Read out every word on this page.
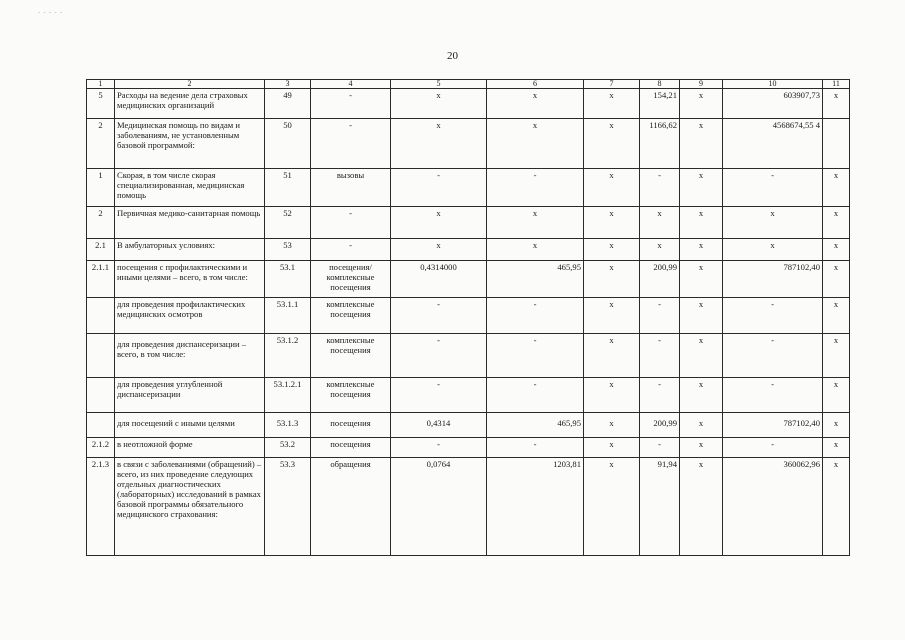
- - - - -
20
1	2	3	4	5	6	7	8	9	10	11
5	Расходы на ведение дела страховых медицинских организаций	49	-	x	x	x	154,21	x	603907,73	x
2	Медицинская помощь по видам и заболеваниям, не установленным базовой программой:	50	-	x	x	x	1166,62	x	4568674,55 4	
1	Скорая, в том числе скорая специализированная, медицинская помощь	51	вызовы	-	-	x	-	x	-	x
2	Первичная медико-санитарная помощь	52	-	x	x	x	x	x	x	x
2.1	В амбулаторных условиях:	53	-	x	x	x	x	x	x	x
2.1.1	посещения с профилактическими и иными целями – всего, в том числе:	53.1	посещения/ комплексные посещения	0,4314000	465,95	x	200,99	x	787102,40	x
	для проведения профилактических медицинских осмотров	53.1.1	комплексные посещения	-	-	x	-	x	-	x
	для проведения диспансеризации – всего, в том числе:	53.1.2	комплексные посещения	-	-	x	-	x	-	x
	для проведения углубленной диспансеризации	53.1.2.1	комплексные посещения	-	-	x	-	x	-	x
	для посещений с иными целями	53.1.3	посещения	0,4314	465,95	x	200,99	x	787102,40	x
2.1.2	в неотложной форме	53.2	посещения	-	-	x	-	x	-	x
2.1.3	в связи с заболеваниями (обращений) – всего, из них проведение следующих отдельных диагностических (лабораторных) исследований в рамках базовой программы обязательного медицинского страхования:	53.3	обращения	0,0764	1203,81	x	91,94	x	360062,96	x
